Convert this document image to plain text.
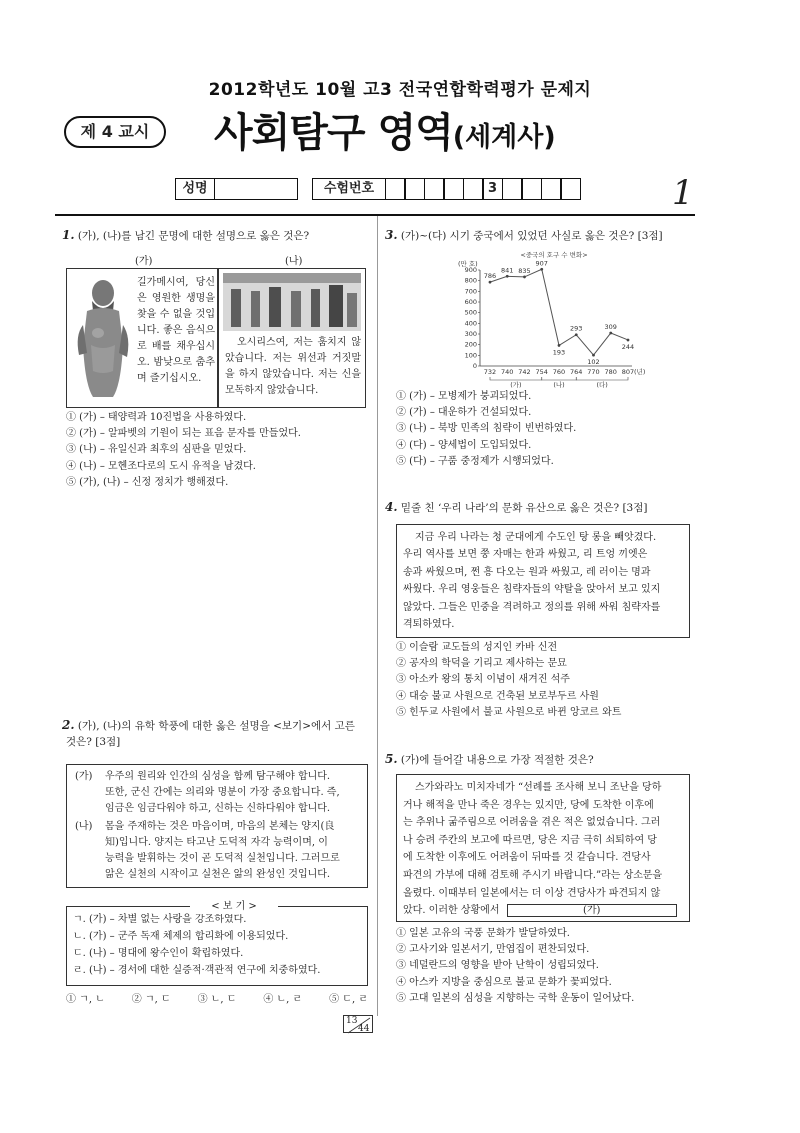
2012학년도 10월 고3 전국연합학력평가 문제지
제 4 교시	사회탐구 영역(세계사)
성명	수험번호	3	1
1. (가), (나)를 남긴 문명에 대한 설명으로 옳은 것은?
(가)	(나)
길가메시여, 당신은 영원한 생명을 찾을 수 없을 것입니다. 좋은 음식으로 배를 채우십시오. 밤낮으로 춤추며 즐기십시오.
오시리스여, 저는 훔치지 않았습니다. 저는 위선과 거짓말을 하지 않았습니다. 저는 신을 모독하지 않았습니다.
① (가) – 태양력과 10진법을 사용하였다.
② (가) – 알파벳의 기원이 되는 표음 문자를 만들었다.
③ (나) – 유일신과 최후의 심판을 믿었다.
④ (나) – 모헨조다로의 도시 유적을 남겼다.
⑤ (가), (나) – 신정 정치가 행해졌다.
2. (가), (나)의 유학 학풍에 대한 옳은 설명을 <보기>에서 고른
것은? [3점]
(가) 우주의 원리와 인간의 심성을 함께 탐구해야 합니다.
또한, 군신 간에는 의리와 명분이 가장 중요합니다. 즉,
임금은 임금다워야 하고, 신하는 신하다워야 합니다.
(나) 몸을 주재하는 것은 마음이며, 마음의 본체는 양지(良
知)입니다. 양지는 타고난 도덕적 자각 능력이며, 이
능력을 발휘하는 것이 곧 도덕적 실천입니다. 그러므로
앎은 실천의 시작이고 실천은 앎의 완성인 것입니다.
ㄱ. (가) – 차별 없는 사랑을 강조하였다.
ㄴ. (가) – 군주 독재 체제의 합리화에 이용되었다.
ㄷ. (나) – 명대에 왕수인이 확립하였다.
ㄹ. (나) – 경서에 대한 실증적·객관적 연구에 치중하였다.
< 보 기 >
① ㄱ, ㄴ	② ㄱ, ㄷ	③ ㄴ, ㄷ	④ ㄴ, ㄹ	⑤ ㄷ, ㄹ
3. (가)~(다) 시기 중국에서 있었던 사실로 옳은 것은? [3점]
<중국의 호구 수 변화>
(만 호)
0
100
200
300
400
500
600
700
800
900
732 740 742 754 760 764 770 780 807 (년)
786
841 835
907
193
293
102
309
244
(가)	(나)	(다)
① (가) – 모병제가 붕괴되었다.
② (가) – 대운하가 건설되었다.
③ (나) – 북방 민족의 침략이 빈번하였다.
④ (다) – 양세법이 도입되었다.
⑤ (다) – 구품 중정제가 시행되었다.
4. 밑줄 친 ‘우리 나라’의 문화 유산으로 옳은 것은? [3점]
지금 우리 나라는 청 군대에게 수도인 탕 롱을 빼앗겼다.
우리 역사를 보면 쭝 자매는 한과 싸웠고, 리 트엉 끼엣은
송과 싸웠으며, 쩐 흥 다오는 원과 싸웠고, 레 러이는 명과
싸웠다. 우리 영웅들은 침략자들의 약탈을 앉아서 보고 있지
않았다. 그들은 민중을 격려하고 정의를 위해 싸워 침략자를
격퇴하였다.
① 이슬람 교도들의 성지인 카바 신전
② 공자의 학덕을 기리고 제사하는 문묘
③ 아소카 왕의 통치 이념이 새겨진 석주
④ 대승 불교 사원으로 건축된 보로부두르 사원
⑤ 힌두교 사원에서 불교 사원으로 바뀐 앙코르 와트
5. (가)에 들어갈 내용으로 가장 적절한 것은?
스가와라노 미치자네가 “선례를 조사해 보니 조난을 당하
거나 해적을 만나 죽은 경우는 있지만, 당에 도착한 이후에
는 추위나 굶주림으로 어려움을 겪은 적은 없었습니다. 그러
나 승려 주칸의 보고에 따르면, 당은 지금 극히 쇠퇴하여 당
에 도착한 이후에도 어려움이 뒤따를 것 같습니다. 견당사
파견의 가부에 대해 검토해 주시기 바랍니다.”라는 상소문을
올렸다. 이때부터 일본에서는 더 이상 견당사가 파견되지 않
았다. 이러한 상황에서	(가)
① 일본 고유의 국풍 문화가 발달하였다.
② 고사기와 일본서기, 만엽집이 편찬되었다.
③ 네덜란드의 영향을 받아 난학이 성립되었다.
④ 아스카 지방을 중심으로 불교 문화가 꽃피었다.
⑤ 고대 일본의 심성을 지향하는 국학 운동이 일어났다.
13
44
